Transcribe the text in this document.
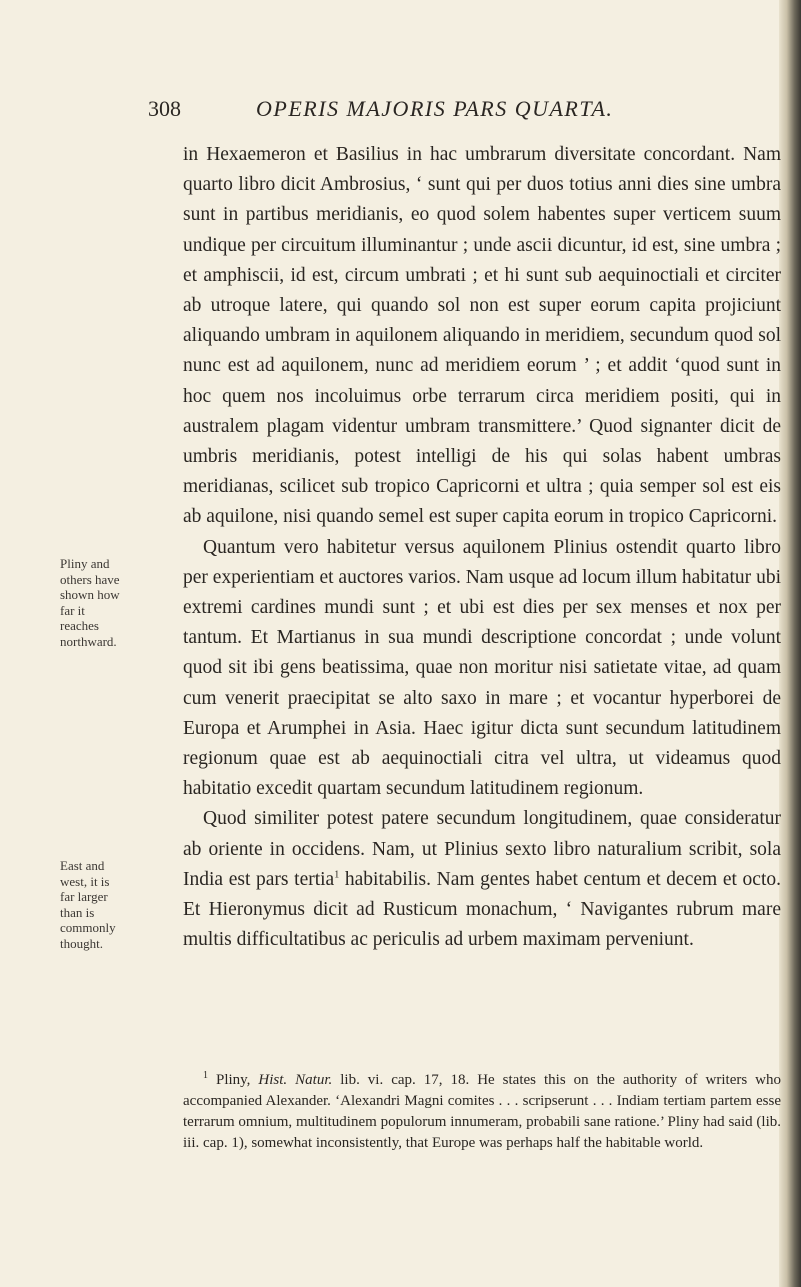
308	OPERIS MAJORIS PARS QUARTA.

in Hexaemeron et Basilius in hac umbrarum diversitate concordant. Nam quarto libro dicit Ambrosius, ‘ sunt qui per duos totius anni dies sine umbra sunt in partibus meridianis, eo quod solem habentes super verticem suum undique per circuitum illuminantur ; unde ascii dicuntur, id est, sine umbra ; et amphiscii, id est, circum umbrati ; et hi sunt sub aequinoctiali et circiter ab utroque latere, qui quando sol non est super eorum capita projiciunt aliquando umbram in aquilonem aliquando in meridiem, secundum quod sol nunc est ad aquilonem, nunc ad meridiem eorum ’ ; et addit ‘quod sunt in hoc quem nos incoluimus orbe terrarum circa meridiem positi, qui in australem plagam videntur umbram transmittere.’ Quod signanter dicit de umbris meridianis, potest intelligi de his qui solas habent umbras meridianas, scilicet sub tropico Capricorni et ultra ; quia semper sol est eis ab aquilone, nisi quando semel est super capita eorum in tropico Capricorni.

Quantum vero habitetur versus aquilonem Plinius ostendit quarto libro per experientiam et auctores varios. Nam usque ad locum illum habitatur ubi extremi cardines mundi sunt ; et ubi est dies per sex menses et nox per tantum. Et Martianus in sua mundi descriptione concordat ; unde volunt quod sit ibi gens beatissima, quae non moritur nisi satietate vitae, ad quam cum venerit praecipitat se alto saxo in mare ; et vocantur hyperborei de Europa et Arumphei in Asia. Haec igitur dicta sunt secundum latitudinem regionum quae est ab aequinoctiali citra vel ultra, ut videamus quod habitatio excedit quartam secundum latitudinem regionum.

Quod similiter potest patere secundum longitudinem, quae consideratur ab oriente in occidens. Nam, ut Plinius sexto libro naturalium scribit, sola India est pars tertia$^1$ habitabilis. Nam gentes habet centum et decem et octo. Et Hieronymus dicit ad Rusticum monachum, ‘ Navigantes rubrum mare multis difficultatibus ac periculis ad urbem maximam perveniunt.

Pliny and others have shown how far it reaches northward.
East and west, it is far larger than is commonly thought.

$^1$ Pliny, Hist. Natur. lib. vi. cap. 17, 18. He states this on the authority of writers who accompanied Alexander. ‘Alexandri Magni comites . . . scripserunt . . . Indiam tertiam partem esse terrarum omnium, multitudinem populorum innumeram, probabili sane ratione.’ Pliny had said (lib. iii. cap. 1), somewhat inconsistently, that Europe was perhaps half the habitable world.
